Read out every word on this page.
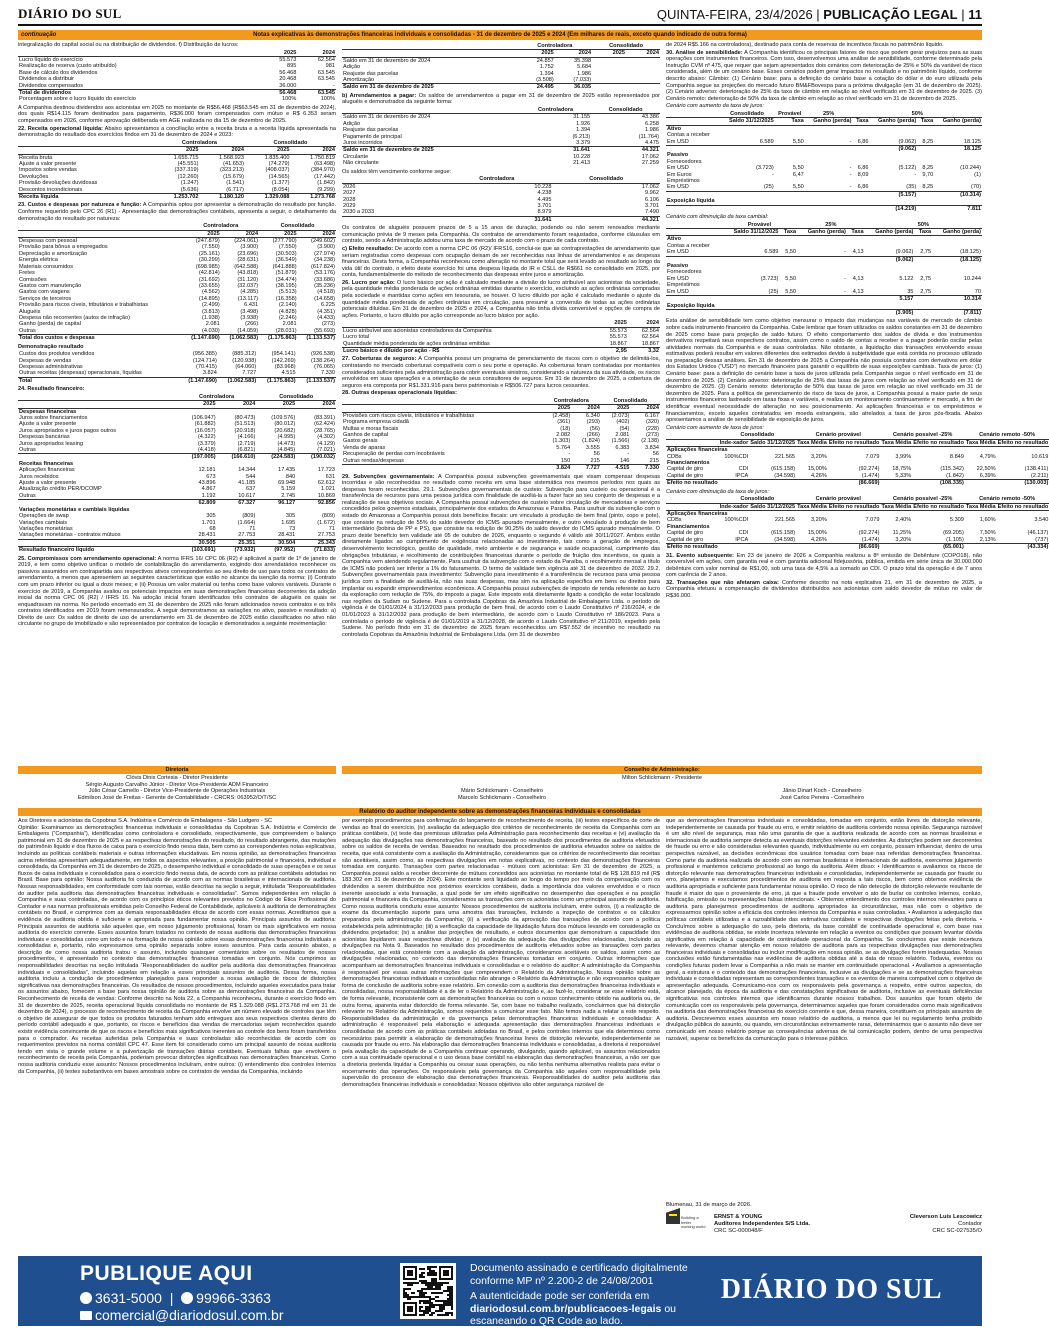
DIÁRIO DO SUL	QUINTA-FEIRA, 23/4/2026 | PUBLICAÇÃO LEGAL | 11
continuação	Notas explicativas às demonstrações financeiras individuais e consolidadas - 31 de dezembro de 2025 e 2024 (Em milhares de reais, exceto quando indicado de outra forma)

integralização do capital social ou na distribuição de dividendos. f) Distribuição de lucros:

	2025	2024
Lucro líquido do exercício	55.573	62.564
Realização de reserva (custo atribuído)	895	981
Base de cálculo dos dividendos	56.468	63.545
Dividendos a distribuir	20.468	63.545
Dividendos compensados	36.000	-
Total de dividendos	56.468	63.545
Porcentagem sobre o lucro líquido do exercício	100%	100%

A Companhia destinou dividendos aos acionistas em 2025 no montante de R$56.468 (R$63.545 em 31 de dezembro de 2024), dos quais R$14.115 foram destinados para pagamento, R$36.000 foram compensados com mútuo e R$ 6.353 seram compensados em 2026, conforme aprovação deliberada em AGE realizada no dia 15 de dezembro de 2025.

22. Receita operacional líquida: Abaixo apresentamos a conciliação entre a receita bruta e a receita líquida apresentada na demonstração do resultado dos exercícios findos em 31 de dezembro de 2024 e 2023:

	Controladora		Consolidado	
	2025	2024	2025	2024
Receita bruta	1.655.715	1.568.923	1.835.400	1.750.819
Ajuste a valor presente	(45.551)	(41.653)	(74.279)	(63.498)
Impostos sobre vendas	(337.319)	(323.213)	(408.037)	(384.970)
Devoluções	(12.260)	(15.679)	(14.565)	(17.442)
Provisão devoluções duvidosas	(1.247)	(1.541)	(1.377)	(1.842)
Descontos incondicionais	(5.636)	(6.717)	(8.054)	(9.299)
Receita líquida	1.253.702	1.180.120	1.329.088	1.273.768

23. Custos e despesas por natureza e função: A Companhia optou por apresentar a demonstração do resultado por função. Conforme requerido pelo CPC 26 (R1) - Apresentação das demonstrações contábeis, apresenta a seguir, o detalhamento da demonstração do resultado por natureza:

	Controladora		Consolidado	
	2025	2024	2025	2024
Despesas com pessoal	(247.879)	(224.061)	(277.790)	(249.602)
Provisão para bônus a empregados	(7.550)	(3.900)	(7.550)	(3.900)
Depreciação e amortização	(25.161)	(23.696)	(30.503)	(27.974)
Energia elétrica	(30.299)	(28.631)	(36.549)	(34.238)
Materiais consumidos	(698.985)	(642.588)	(641.888)	(617.824)
Fretes	(42.814)	(43.818)	(51.879)	(53.176)
Comissões	(31.692)	(31.120)	(34.474)	(33.686)
Gastos com manutenção	(33.655)	(32.037)	(38.195)	(35.236)
Gastos com viagens	(4.562)	(4.285)	(5.513)	(4.518)
Serviços de terceiros	(14.895)	(13.117)	(16.358)	(14.658)
Provisão para riscos cíveis, tributários e trabalhistas	(2.499)	6.431	(2.140)	6.225
Aluguéis	(3.813)	(3.498)	(4.828)	(4.351)
Despesa não recorrentes (autos de infração)	(1.938)	(3.938)	(2.246)	(4.433)
Ganho (perda) de capital	2.081	(266)	2.081	(273)
Outras	(4.030)	(14.059)	(28.031)	(55.693)
Total dos custos e despesas	(1.147.690)	(1.062.583)	(1.175.863)	(1.133.537)

Demonstração resultado

Custos dos produtos vendidos	(956.385)	(885.312)	(954.141)	(926.538)
Despesas de vendas	(124.714)	(120.938)	(142.269)	(138.264)
Despesas administrativas	(70.415)	(64.060)	(83.968)	(76.065)
Outras receitas (despesas) operacionais, líquidas	3.824	7.727	4.515	7.330
Total	(1.147.690)	(1.062.583)	(1.175.863)	(1.133.537)

24. Resultado financeiro:

	Controladora		Consolidado	
	2025	2024	2025	2024
Despesas financeiras				
Juros sobre financiamentos	(106.947)	(80.473)	(109.576)	(83.391)
Ajuste a valor presente	(61.882)	(51.513)	(80.012)	(62.424)
Juros apropriados e juros pagos outros	(16.057)	(20.918)	(20.682)	(28.765)
Despesas bancárias	(4.322)	(4.166)	(4.995)	(4.302)
Juros apropriados leasing	(3.379)	(2.719)	(4.473)	(4.129)
Outras	(4.418)	(6.821)	(4.845)	(7.021)
	(197.005)	(166.610)	(224.583)	(190.032)
Receitas financeiras				
Aplicações financeiras	12.181	14.344	17.435	17.723
Juros recebidos	673	544	840	631
Ajuste a valor presente	43.896	41.185	69.948	62.612
Atualização crédito PER/DCOMP	4.867	637	5.159	1.021
Outras	1.192	10.617	2.745	10.869
	62.809	67.327	96.127	92.856
Variações monetárias e cambiais líquidas				
Operações de swap	305	(809)	305	(809)
Variações cambiais	1.701	(1.664)	1.695	(1.672)
Variações monetárias	68	71	73	71
Variações monetárias - contratos mútuos	28.431	27.753	28.431	27.753
	30.505	25.351	30.504	25.343
Resultado financeiro líquido	(103.691)	(73.932)	(97.952)	(71.833)

25. Compromissos com arrendamento operacional: A norma IFRS 16/ CPC 06 (R2) é aplicável a partir de 1º de janeiro de 2019, e tem como objetivo unificar o modelo de contabilização do arrendamento, exigindo dos arrendatários reconhecer os passivos assumidos em contrapartida aos respectivos ativos correspondentes ao seu direito de uso para todos os contratos de arrendamento, a menos que apresentem as seguintes características que estão no alcance da isenção da norma: (i) Contrato com um prazo inferior ou igual a doze meses; e (ii) Possua um valor material ou tenha como base valores variáveis. Durante o exercício de 2019, a Companhia avaliou os potenciais impactos em suas demonstrações financeiras decorrentes da adoção inicial da norma CPC 06 (R2) / IFRS 16. Na adoção inicial foram identificados três contratos de aluguéis os quais se enquadravam na norma. No período encerrado em 31 de dezembro de 2025 não foram adicionados novos contratos e os três contratos identificados em 2019 foram remensurados. A seguir demonstramos as variações no ativo, passivo e resultado: a) Direito de uso: Os saldos de direito de uso de arrendamento em 31 de dezembro de 2025 estão classificados no ativo não circulante no grupo de imobilizado e são representados por contratos de locação e demonstrados a seguinte movimentação:

	Controladora		Consolidado	
	2025	2024	2025	2024
Saldo em 31 de dezembro de 2024	24.857	35.398		
Adição	1.752	5.684		
Reajuste das parcelas	1.394	1.986		
Amortização	(3.508)	(7.033)		
Saldo em 31 de dezembro de 2025	24.495	36.035		

b) Arrendamentos a pagar: Os saldos de arrendamentos a pagar em 31 de dezembro de 2025 estão representados por aluguéis e demonstrados da seguinte forma:

	Controladora	Consolidado
Saldo em 31 de dezembro de 2024	31.155	43.386
Adição	1.926	6.258
Reajuste das parcelas	1.394	1.986
Pagamento de principal	(6.213)	(11.764)
Juros incorridos	3.379	4.475
Saldo em 31 de dezembro de 2025	31.641	44.321
Circulante	10.228	17.062
Não circulante	21.413	27.259

Os saldos têm vencimento conforme segue:

	Controladora	Consolidado
2026	10.228	17.062
2027	4.238	9.962
2028	4.495	6.106
2029	3.701	3.701
2030 a 2033	8.979	7.490
	31.641	44.321

Os contratos de aluguéis possuem prazos de 5 a 15 anos de duração, podendo ou não serem renovados mediante comunicação prévia de 9 meses pela Companhia. Os contratos de arrendamento foram reajustados, conforme cláusulas em contrato, sendo a Administração adotou uma taxa de mercado de acordo com o prazo de cada contrato.

c) Efeito resultado: De acordo com a norma CPC 06 (R2)/ IFRS16, conclui-se que as contraprestações de arrendamento que seriam registradas como despesas com ocupação deixam de ser reconhecidas nas linhas de arrendamentos e as despesas financeiras. Desta forma, a Companhia reconheceu como alteração no montante total que será levado ao resultado ao longo da vida útil do contrato, o efeito deste exercício foi uma despesa líquida do IR e CSLL de R$661 no consolidado em 2025, por conta, fundamentalmente do método de reconhecimento das despesas entre juros e amortização.

26. Lucro por ação: O lucro básico por ação é calculado mediante a divisão do lucro atribuível aos acionistas da sociedade, pela quantidade média ponderada de ações ordinárias emitidas durante o exercício, excluindo as ações ordinárias compradas pela sociedade e mantidas como ações em tesouraria, se houver. O lucro diluído por ação é calculado mediante o ajuste da quantidade média ponderada de ações ordinárias em circulação, para presumir a conversão de todas as ações ordinárias potenciais diluídas. Em 31 de dezembro de 2025 e 2024, a Companhia não tinha dívida conversível e opções de compra de ações. Portanto, o lucro diluído por ação corresponde ao lucro básico por ação.

	2025	2024
Lucro atribuível aos acionistas controladores da Companhia	55.573	62.564
Lucro total	55.573	62.564
Quantidade média ponderada de ações ordinárias emitidas	18.867	18.867
Lucro básico e diluído por ação - R$	2,95	3,32

27. Coberturas de seguros: A Companhia possui um programa de gerenciamento de riscos com o objetivo de delimitá-los, contratando no mercado coberturas compatíveis com o seu porte e operação. As coberturas foram contratadas por montantes considerados suficientes pela administração para cobrir eventuais sinistros, considerando a natureza da sua atividade, os riscos envolvidos em suas operações e a orientação de seus consultores de seguros. Em 31 de dezembro de 2025, a cobertura de seguros era composta por R$1.331.916 para bens patrimoniais e R$506.727 para lucros cessantes.

28. Outras despesas operacionais líquidas:

	Controladora		Consolidado	
	2025	2024	2025	2024
Provisões com riscos cíveis, tributários e trabalhistas	(2.458)	6.340	(2.073)	6.167
Programa empresa cidadã	(361)	(293)	(402)	(320)
Multas e moras fiscais	(18)	(56)	(54)	(228)
Ganhos de capital	2.082	(266)	2.081	(273)
Gastos gerais	(1.303)	(1.824)	(1.566)	(2.138)
Venda de aparas	5.764	3.555	6.383	3.834
Recuperação de perdas com incobráveis	-	56	-	56
Outras rendas/despesas	150	215	146	215
	3.824	7.727	4.515	7.330

29. Subvenções governamentais: A Companhia possui subvenções governamentais que visam compensar despesas incorridas e são reconhecidas no resultado como receita em uma base sistemática nos mesmos períodos nos quais as despesas foram reconhecidas. 29.1. Subvenções governamentais de custeio: Subvenção para custeio ou operacional é a transferência de recursos para uma pessoa jurídica com finalidade de auxiliá-la a fazer face ao seu conjunto de despesas e a realização de seus objetivos sociais. A Companhia possui subvenções de custeio sobre circulação de mercadorias e serviços concedidos pelos governos estaduais, principalmente dos estados do Amazonas e Paraíba. Para usufruir da subvenção com o estado do Amazonas a Companhia possui dois benefícios fiscais: um vinculado à produção de bem final (pinto, copo e pote), que consiste na redução de 55% do saldo devedor do ICMS apurado mensalmente, e outro vinculado à produção de bem intermediário (bobina de PP e PS), que consiste na redução de 90,25% do saldo devedor do ICMS apurado mensalmente. O prazo deste benefício tem validade até 05 de outubro de 2026, enquanto o segundo é válido até 30/11/2027. Ambos estão diretamente ligados ao cumprimento de exigências relacionadas ao investimento, tais como a geração de empregos, desenvolvimento tecnológico, gestão de qualidade, meio ambiente e de segurança e saúde ocupacional, cumprimento das obrigações tributárias, e recolhimento de contribuições financeiras durante o período de fruição dos incentivos, os quais a Companhia vem atendendo regularmente. Para usufruir da subvenção com o estado da Paraíba, o recolhimento mensal a título de ICMS não poderá ser inferior a 1% do faturamento. O termo de validade tem vigência até 31 de dezembro de 2032. 29.2. Subvenções governamentais para investimento: Subvenção para investimento é a transferência de recursos para uma pessoa jurídica com a finalidade de auxiliá-la, não nas suas despesas, mas sim na aplicação específica em bens ou direitos para implantar ou expandir empreendimentos econômicos. A Companhia possui subvenções de imposto de renda referente ao lucro da exploração com redução de 75%, do imposto a pagar. Este imposto está diretamente ligado a condição de estar localizado nas regiões da Sudam ou Sudene. Para a controlada Copobras da Amazônia Industrial de Embalagens Ltda. o período de vigência é de 01/01/2024 à 31/12/2033 para produção de bem final, de acordo com o Laudo Constitutivo nº 216/2024, e de 01/01/2023 à 31/12/2032 para produção de bem intermediário, de acordo com o Laudo Constitutivo nº 186/2023. Para a controlada o período de vigência é de 01/01/2019 a 31/12/2028, de acordo o Laudo Constitutivo nº 211/2019, expedido pela Sudene. No período findo em 31 de dezembro de 2025 foram reconhecidos um R$7.552 de incentivo no resultado na controlada Copobras da Amazônia Industrial de Embalagens Ltda. (em 31 de dezembro

de 2024 R$5.166 na controladora), destinado para conta de reservas de incentivos fiscais no patrimônio líquido.

30. Análise de sensibilidade: A Companhia identificou os principais fatores de risco que podem gerar prejuízos para as suas operações com instrumentos financeiros. Com isso, desenvolvemos uma análise de sensibilidade, conforme determinado pela Instrução CVM nº 475, que requer que sejam apresentados dois cenários com deterioração de 25% e 50% da variável de risco considerada, além de um cenário base. Esses cenários podem gerar impactos no resultado e no patrimônio líquido, conforme descrito abaixo: Câmbio: (1) Cenário base: para a definição do cenário base a cotação do dólar e do euro utilizada pela Companhia segue as projeções do mercado futuro BM&FBovespa para a próxima divulgação (em 31 de dezembro de 2025). (2) Cenário adverso: deterioração de 25% da taxa de câmbio em relação ao nível verificado em 31 de dezembro de 2025. (3) Cenário remoto: deterioração de 50% da taxa de câmbio em relação ao nível verificado em 31 de dezembro de 2025.

Cenário com aumento da taxa de juros:

	Consolidado	Provável	25%	50%			
	Saldo 31/12/2025	Taxa	Ganho (perda)	Taxa	Ganho (perda)	Taxa	Ganho (perda)
Ativo							
Contas a receber							
Em USD	6.589	5,50	-	6,86	(9.062)	8,25	18.125
					(9.062)		18.125
Passivo							
Fornecedores							
Em USD	(3.723)	5,50	-	6,86	(5.122)	8,25	(10.244)
Em Euros	-	6,47	-	8,09	-	9,70	(1)
Empréstimos							
Em USD	(25)	5,50	-	6,86	(35)	8,25	(70)
					(5.157)		(10.314)
Exposição líquida							
					(14.219)		7.811

Cenário com diminuição da taxa cambial:

	Provável		25%		50%		
	Saldo 31/12/2025	Taxa	Ganho (perda)	Taxa	Ganho (perda)	Taxa	Ganho (perda)
Ativo							
Contas a receber							
Em USD	6.589	5,50	-	4,13	(9.062)	2,75	(18.125)
					(9.062)		(18.125)
Passivo							
Fornecedores							
Em USD	(3.723)	5,50	-	4,13	5.122	2,75	10.244
Empréstimos							
Em USD	(25)	5,50	-	4,13	35	2,75	70
					5.157		10.314
Exposição líquida							
					(3.905)		(7.811)

Esta análise de sensibilidade tem como objetivo mensurar o impacto das mudanças nas variáveis de mercado de câmbio sobre cada instrumento financeiro da Companhia. Cabe lembrar que foram utilizados os saldos constantes em 31 de dezembro de 2025 como base para projeção de saldo futuro. O efeito comportamento dos saldos de dívida e dos instrumentos derivativos respeitará seus respectivos contratos, assim como o saldo de contas a receber e a pagar poderão oscilar pelas atividades normais da Companhia e de suas controladas. Não obstante, a liquidação das transações envolvendo essas estimativas poderá resultar em valores diferentes dos estimados devido à subjetividade que está contida no processo utilizado na preparação dessas análises. Em 31 de dezembro de 2025 a Companhia não possuía contratos com derivativos em dólar dos Estados Unidos (“USD”) no mercado financeiro para garantir o equilíbrio de suas exposições cambiais. Taxa de juros: (1) Cenário base: para a definição do cenário base a taxa de juros utilizada pela Companhia segue o nível verificado em 31 de dezembro de 2025. (2) Cenário adverso: deterioração de 25% das taxas de juros com relação ao nível verificado em 31 de dezembro de 2025. (3) Cenário remoto: deterioração de 50% das taxas de juros em relação ao nível verificado em 31 de dezembro de 2025. Para a política de gerenciamento de risco de taxa de juros, a Companhia possui a maior parte de seus instrumentos financeiros lastreado em taxas fixas e variáveis, e realiza um monitoramento continuamente e mercado, a fim de identificar eventual necessidade de alteração no seu posicionamento. As aplicações financeiras e os empréstimos e financiamentos, exceto aqueles contratados em moeda estrangeira, são atrelados a taxa de juros pós-fixada. Abaixo apresentamos a análise de sensibilidade de exposição de juros.

Cenário com aumento de taxa de juros:

	Consolidado		Cenário provável		Cenário possível -25%		Cenário remoto -50%	
	Inde-xador	Saldo 31/12/2025	Taxa Média	Efeito no resultado	Taxa Média	Efeito no resultado	Taxa Média	Efeito no resultado
Aplicações financeiras								
CDBs	100%CDI	221.565	3,20%	7.079	3,99%	8.849	4,79%	10.619
Financiamentos								
Capital de giro	CDI	(615.158)	15,00%	(92.274)	18,75%	(115.342)	22,50%	(138.411)
Capital de giro	IPCA	(34.598)	4,26%	(1.474)	5,33%	(1.842)	6,39%	(2.211)
Efeito no resultado				(86.669)		(108.335)		(130.003)

Cenário com diminuição da taxa de juros:

	Consolidado		Cenário provável		Cenário possível -25%		Cenário remoto -50%	
	Inde-xador	Saldo 31/12/2025	Taxa Média	Efeito no resultado	Taxa Média	Efeito no resultado	Taxa Média	Efeito no resultado
Aplicações financeiras								
CDBs	100%CDI	221.565	3,20%	7.079	2,40%	5.309	1,60%	3.540
Financiamentos								
Capital de giro	CDI	(615.158)	15,00%	(92.274)	11,25%	(69.205)	7,50%	(46.137)
Capital de giro	IPCA	(34.598)	4,26%	(1.474)	3,20%	(1.105)	2,13%	(737)
Efeito no resultado				(86.669)		(65.001)		(43.334)

31. Evento subsequente: Em 23 de janeiro de 2026 a Companhia realizou a 8ª emissão de Debênture (COPO18), não conversível em ações, com garantia real e com garantia adicional fidejussória, pública, emitida em série única de 30.000.000 debênture com valor nominal de R$1,00, sob uma taxa de 4,5% a.a somado ao CDI. O prazo total da operação é de 7 anos com carência de 2 anos.

32. Transações que não afetaram caixa: Conforme descrito na nota explicativa 21, em 31 de dezembro de 2025, a Companhia efetuou a compensação de dividendos distribuídos aos acionistas com saldo devedor de mútuo no valor de R$36.000.

Diretoria	Conselho de Administração:
Clóvis Dinis Cortesia - Diretor Presidente
Sérgio Augusto Carvalho Júnior - Diretor Vice-Presidente ADM Financeiro
Júlio César Camello - Diretor Vice-Presidente de Operações Industriais
Edmilson José de Freitas - Gerente de Contabilidade - CRCRS: 063952/O/T/SC
Milton Schlickmann - Presidente
Mário Schlickmann - Conselheiro
Marcelo Schlickmann - Conselheiro
Jânio Dinart Koch - Conselheiro
José Carlos Pereira - Conselheiro
Relatório do auditor independente sobre as demonstrações financeiras individuais e consolidadas

Aos Diretores e acionistas da Copobras S.A. Indústria e Comércio de Embalagens - São Ludgero - SC

Opinião: Examinamos as demonstrações financeiras individuais e consolidadas da Copobras S.A. Indústria e Comércio de Embalagens (“Companhia”), identificadas como controladora e consolidado, respectivamente, que compreendem o balanço patrimonial em 31 de dezembro de 2025 e as respectivas demonstrações do resultado, do resultado abrangente, das mutações do patrimônio líquido e dos fluxos de caixa para o exercício findo nessa data, bem como as correspondentes notas explicativas, incluindo as políticas contábeis materiais e outras informações elucidativas. Em nossa opinião, as demonstrações financeiras acima referidas apresentam adequadamente, em todos os aspectos relevantes, a posição patrimonial e financeira, individual e consolidada, da Companhia em 31 de dezembro de 2025, o desempenho individual e consolidado de suas operações e os seus fluxos de caixa individuais e consolidados para o exercício findo nessa data, de acordo com as práticas contábeis adotadas no Brasil. Base para opinião: Nossa auditoria foi conduzida de acordo com as normas brasileiras e internacionais de auditoria. Nossas responsabilidades, em conformidade com tais normas, estão descritas na seção a seguir, intitulada “Responsabilidades do auditor pela auditoria das demonstrações financeiras individuais e consolidadas”. Somos independentes em relação à Companhia e suas controladas, de acordo com os princípios éticos relevantes previstos no Código de Ética Profissional do Contador e nas normas profissionais emitidas pelo Conselho Federal de Contabilidade, aplicáveis à auditoria de demonstrações contábeis no Brasil, e cumprimos com as demais responsabilidades éticas de acordo com essas normas. Acreditamos que a evidência de auditoria obtida é suficiente e apropriada para fundamentar nossa opinião. Principais assuntos de auditoria: Principais assuntos de auditoria são aqueles que, em nosso julgamento profissional, foram os mais significativos em nossa auditoria do exercício corrente. Esses assuntos foram tratados no contexto de nossa auditoria das demonstrações financeiras individuais e consolidadas como um todo e na formação de nossa opinião sobre essas demonstrações financeiras individuais e consolidadas e, portanto, não expressamos uma opinião separada sobre esses assuntos. Para cada assunto abaixo, a descrição de como nossa auditoria tratou o assunto, incluindo quaisquer comentários sobre os resultados de nossos procedimentos, é apresentado no contexto das demonstrações financeiras tomadas em conjunto. Nós cumprimos as responsabilidades descritas na seção intitulada “Responsabilidades do auditor pela auditoria das demonstrações financeiras individuais e consolidadas”, incluindo aquelas em relação a esses principais assuntos de auditoria. Dessa forma, nossa auditoria incluiu a condução de procedimentos planejados para responder a nossa avaliação de riscos de distorções significativas nas demonstrações financeiras. Os resultados de nossos procedimentos, incluindo aqueles executados para tratar os assuntos abaixo, fornecem a base para nossa opinião de auditoria sobre as demonstrações financeiras da Companhia. Reconhecimento de receita de vendas: Conforme descrito na Nota 22, a Companhia reconheceu, durante o exercício findo em 31 de dezembro de 2025, receita operacional líquida consolidada no montante de R$ 1.329.088 (R$1.273.768 mil em 31 de dezembro de 2024), o processo de reconhecimento de receita da Companhia envolve um número elevado de controles que têm o objetivo de assegurar de que todos os produtos faturados tenham sido entregues aos seus respectivos clientes dentro do período contábil adequado e que, portanto, os riscos e benefícios das vendas de mercadorias sejam reconhecidos quando existir evidência convincente de que os riscos e benefícios mais significativos inerentes ao controle dos bens foram transferidos para o comprador. As receitas auferidas pela Companhia e suas controladas são reconhecidas de acordo com os requerimentos previstos na norma contábil CPC 47. Esse item foi considerado como um principal assunto de nossa auditoria tendo em vista o grande volume e a pulverização de transações diárias contábeis. Eventuais falhas que envolvem o reconhecimento de receita pela Companhia, poderiam provocar distorções significativas nas demonstrações financeiras. Como nossa auditoria conduziu esse assunto: Nossos procedimentos incluíram, entre outros: (i) entendimento dos controles internos da Companhia, (ii) testes substantivos em bases amostrais sobre os contratos de vendas da Companhia, incluindo

por exemplo procedimentos para confirmação do lançamento de reconhecimento de receita, (iii) testes específicos de corte de vendas ao final do exercício, (iv) avaliação da adequação dos critérios de reconhecimento de receita da Companhia com as práticas contábeis, (v) teste das premissas utilizadas pela Administração para reconhecimento das receitas e (vi) avaliação da adequação das divulgações nas demonstrações financeiras, baseado no resultado dos procedimentos de auditoria efetuados sobre os saldos de receita de vendas. Baseados no resultado dos procedimentos de auditoria efetuados sobre os saldos de receita, que está consistente com a avaliação da Administração, consideramos que os critérios de reconhecimento das receitas são aceitáveis, assim como, as respectivas divulgações em notas explicativas, no contexto das demonstrações financeiras tomadas em conjunto. Transações com partes relacionadas - mútuos com acionistas: Em 31 de dezembro de 2025, a Companhia possui saldo a receber decorrente de mútuos concedidos aos acionistas no montante total de R$ 128.819 mil (R$ 183.302 em 31 de dezembro de 2024). Este montante será liquidado ao longo do tempo por meio da compensação com os dividendos a serem distribuídos nos próximos exercícios contábeis, dada a importância dos valores envolvidos e o risco inerente associado a esta transação, a qual pode ter um efeito significativo no desempenho das operações e na posição patrimonial e financeira da Companhia, consideramos as transações com os acionistas como um principal assunto de auditoria. Como nossa auditoria conduziu esse assunto: Nossos procedimentos de auditoria incluíram, entre outros, (i) a realização de exame da documentação suporte para uma amostra das transações, incluindo a inspeção de contratos e os cálculos preparados pela administração da Companhia; (ii) a verificação da aprovação das transações de acordo com a política estabelecida pela administração; (iii) a verificação da capacidade de liquidação futura dos mútuos levando em consideração os dividendos projetados; (iv) a análise das projeções de resultado, e outros documentos que demonstram a capacidade dos acionistas liquidarem suas respectivas dívidas; e (v) avaliação da adequação das divulgações relacionadas, incluindo as divulgações na Nota 9. Baseados no resultado dos procedimentos de auditoria efetuados sobre as transações com partes relacionadas, que está consistente com a avaliação da administração, consideramos aceitáveis os saldos, assim como as divulgações relacionadas, no contexto das demonstrações financeiras tomadas em conjunto. Outras informações que acompanham as demonstrações financeiras individuais e consolidadas e o relatório do auditor: A administração da Companhia é responsável por essas outras informações que compreendem o Relatório da Administração. Nossa opinião sobre as demonstrações financeiras individuais e consolidadas não abrange o Relatório da Administração e não expressamos qualquer forma de conclusão de auditoria sobre esse relatório. Em conexão com a auditoria das demonstrações financeiras individuais e consolidadas, nossa responsabilidade é a de ler o Relatório da Administração e, ao fazê-lo, considerar se esse relatório está, de forma relevante, inconsistente com as demonstrações financeiras ou com o nosso conhecimento obtido na auditoria ou, de outra forma, aparenta estar distorcido de forma relevante. Se, com base no trabalho realizado, concluirmos que há distorção relevante no Relatório da Administração, somos requeridos a comunicar esse fato. Não temos nada a relatar a este respeito. Responsabilidades da administração e da governança pelas demonstrações financeiras individuais e consolidadas: A administração é responsável pela elaboração e adequada apresentação das demonstrações financeiras individuais e consolidadas de acordo com as práticas contábeis adotadas no Brasil, e pelos controles internos que ela determinou como necessários para permitir a elaboração de demonstrações financeiras livres de distorção relevante, independentemente se causada por fraude ou erro. Na elaboração das demonstrações financeiras individuais e consolidadas, a diretoria é responsável pela avaliação da capacidade de a Companhia continuar operando, divulgando, quando aplicável, os assuntos relacionados com a sua continuidade operacional e o uso dessa base contábil na elaboração das demonstrações financeiras, a não ser que a diretoria pretenda liquidar a Companhia ou cessar suas operações, ou não tenha nenhuma alternativa realista para evitar o encerramento das operações. Os responsáveis pela governança da Companhia são aqueles com responsabilidade pela supervisão do processo de elaboração das demonstrações financeiras. Responsabilidades do auditor pela auditoria das demonstrações financeiras individuais e consolidadas: Nossos objetivos são obter segurança razoável de

que as demonstrações financeiras individuais e consolidadas, tomadas em conjunto, estão livres de distorção relevante, independentemente se causada por fraude ou erro, e emitir relatório de auditoria contendo nossa opinião. Segurança razoável é um alto nível de segurança, mas não uma garantia de que a auditoria realizada de acordo com as normas brasileiras e internacionais de auditoria sempre detecta as eventuais distorções relevantes existentes. As distorções podem ser decorrentes de fraude ou erro e são consideradas relevantes quando, individualmente ou em conjunto, possam influenciar, dentro de uma perspectiva razoável, as decisões econômicas dos usuários tomadas com base nas referidas demonstrações financeiras. Como parte da auditoria realizada de acordo com as normas brasileiras e internacionais de auditoria, exercemos julgamento profissional e mantemos ceticismo profissional ao longo da auditoria. Além disso: • Identificamos e avaliamos os riscos de distorção relevante nas demonstrações financeiras individuais e consolidadas, independentemente se causada por fraude ou erro, planejamos e executamos procedimentos de auditoria em resposta a tais riscos, bem como obtemos evidência de auditoria apropriada e suficiente para fundamentar nossa opinião. O risco de não detecção de distorção relevante resultante de fraude é maior do que o proveniente de erro, já que a fraude pode envolver o ato de burlar os controles internos, conluio, falsificação, omissão ou representações falsas intencionais. • Obtemos entendimento dos controles internos relevantes para a auditoria para planejarmos procedimentos de auditoria apropriados às circunstâncias, mas não com o objetivo de expressarmos opinião sobre a eficácia dos controles internos da Companhia e suas controladas. • Avaliamos a adequação das políticas contábeis utilizadas e a razoabilidade das estimativas contábeis e respectivas divulgações feitas pela diretoria. • Concluímos sobre a adequação do uso, pela diretoria, da base contábil de continuidade operacional e, com base nas evidências de auditoria obtidas, se existe incerteza relevante em relação a eventos ou condições que possam levantar dúvida significativa em relação à capacidade de continuidade operacional da Companhia. Se concluirmos que existe incerteza relevante, devemos chamar atenção em nosso relatório de auditoria para as respectivas divulgações nas demonstrações financeiras individuais e consolidadas ou incluir modificação em nossa opinião, se as divulgações forem inadequadas. Nossas conclusões estão fundamentadas nas evidências de auditoria obtidas até a data de nosso relatório. Todavia, eventos ou condições futuras podem levar a Companhia a não mais se manter em continuidade operacional. • Avaliamos a apresentação geral, a estrutura e o conteúdo das demonstrações financeiras, inclusive as divulgações e se as demonstrações financeiras individuais e consolidadas representam as correspondentes transações e os eventos de maneira compatível com o objetivo de apresentação adequada. Comunicamo-nos com os responsáveis pela governança a respeito, entre outros aspectos, do alcance planejado, da época da auditoria e das constatações significativas de auditoria, inclusive as eventuais deficiências significativas nos controles internos que identificamos durante nossos trabalhos. Dos assuntos que foram objeto de comunicação com os responsáveis pela governança, determinamos aqueles que foram considerados como mais significativos na auditoria das demonstrações financeiras do exercício corrente e que, dessa maneira, constituem os principais assuntos de auditoria. Descrevemos esses assuntos em nosso relatório de auditoria, a menos que lei ou regulamento tenha proibido divulgação pública do assunto, ou quando, em circunstâncias extremamente raras, determinarmos que o assunto não deve ser comunicado em nosso relatório porque as consequências adversas de tal comunicação podem, dentro de uma perspectiva razoável, superar os benefícios da comunicação para o interesse público.

Blumenau, 31 de março de 2026.
Building a better working world
ERNST & YOUNG
Auditores Independentes S/S Ltda.
CRC SC-000048/F
Cleverson Luís Lescowicz
Contador
CRC SC-027535/O
PUBLIQUE AQUI
3631-5000  |  99966-3363
comercial@diariodosul.com.br
Documento assinado e certificado digitalmente conforme MP nº 2.200-2 de 24/08/2001
A autenticidade pode ser conferida em diariodosul.com.br/publicacoes-legais ou escaneando o QR Code ao lado.
DIÁRIO DO SUL
